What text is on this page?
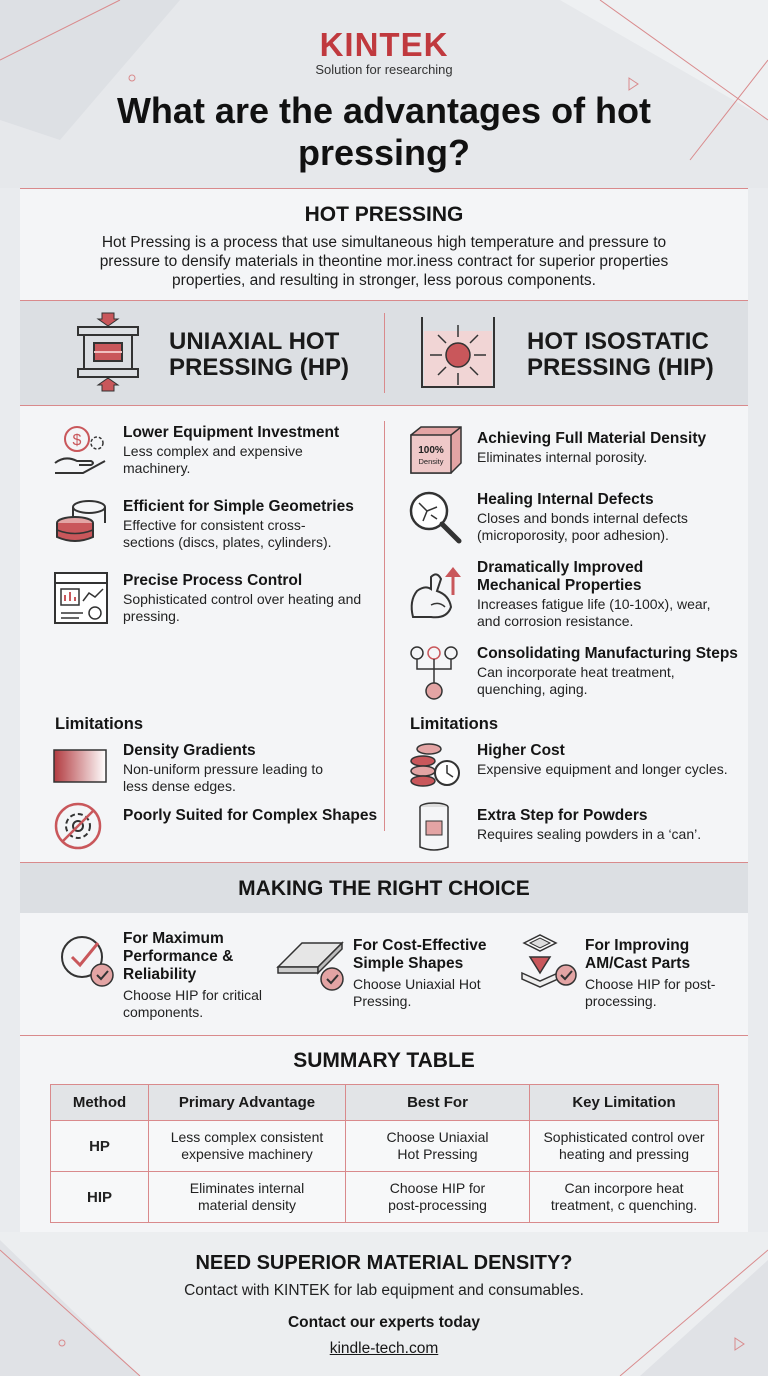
KINTEK
Solution for researching
What are the advantages of hot pressing?
HOT PRESSING

Hot Pressing is a process that use simultaneous high temperature and pressure to pressure to densify materials in theontine mor.iness contract for superior properties properties, and resulting in stronger, less porous components.

UNIAXIAL HOT
PRESSING (HP)
HOT ISOSTATIC
PRESSING (HIP)
$	Lower Equipment Investment
Less complex and expensive machinery.
Efficient for Simple Geometries
Effective for consistent cross-sections (discs, plates, cylinders).
Precise Process Control
Sophisticated control over heating and pressing.
100%
Density
Achieving Full Material Density
Eliminates internal porosity.
Healing Internal Defects
Closes and bonds internal defects (microporosity, poor adhesion).
Dramatically Improved Mechanical Properties
Increases fatigue life (10-100x), wear, and corrosion resistance.
Consolidating Manufacturing Steps
Can incorporate heat treatment, quenching, aging.
Limitations	Limitations
Density Gradients
Non-uniform pressure leading to less dense edges.
Poorly Suited for Complex Shapes
Higher Cost
Expensive equipment and longer cycles.
Extra Step for Powders
Requires sealing powders in a ‘can’.
MAKING THE RIGHT CHOICE
For Maximum
Performance &
Reliability
Choose HIP for critical components.
For Cost-Effective
Simple Shapes
Choose Uniaxial Hot Pressing.
For Improving
AM/Cast Parts
Choose HIP for post-processing.
SUMMARY TABLE
Method	Primary Advantage	Best For	Key Limitation
HP	Less complex consistent expensive machinery	Choose Uniaxial Hot Pressing	Sophisticated control over heating and pressing
HIP	Eliminates internal material density	Choose HIP for post-processing	Can incorpore heat treatment, c quenching.
NEED SUPERIOR MATERIAL DENSITY?
Contact with KINTEK for lab equipment and consumables.
Contact our experts today
kindle-tech.com
